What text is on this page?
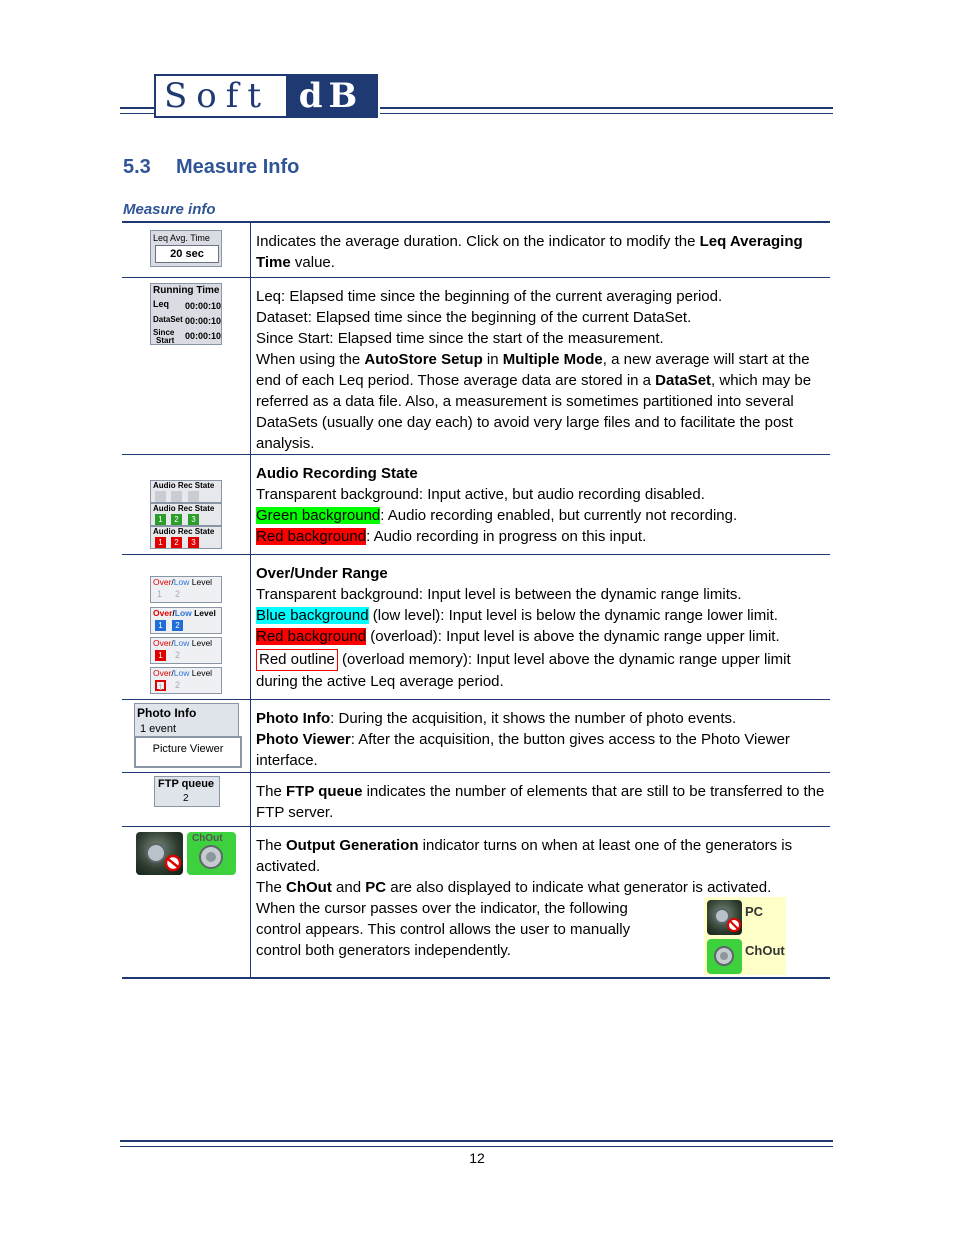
Soft dB
5.3 Measure Info
Measure info
Leq Avg. Time
20 sec
Indicates the average duration. Click on the indicator to modify the Leq Averaging Time value.
Running Time
Leq 00:00:10
DataSet 00:00:10
Since
Start 00:00:10
Leq: Elapsed time since the beginning of the current averaging period.
Dataset: Elapsed time since the beginning of the current DataSet.
Since Start: Elapsed time since the start of the measurement.
When using the AutoStore Setup in Multiple Mode, a new average will start at the end of each Leq period. Those average data are stored in a DataSet, which may be referred as a data file. Also, a measurement is sometimes partitioned into several DataSets (usually one day each) to avoid very large files and to facilitate the post analysis.
Audio Rec State
Audio Rec State
1	2	3
Audio Rec State
1	2	3
Audio Recording State
Transparent background: Input active, but audio recording disabled.
Green background: Audio recording enabled, but currently not recording.
Red background: Audio recording in progress on this input.
Over/Low Level
1 2
Over/Low Level
1	2
Over/Low Level
1	2
Over/Low Level
1	2
Over/Under Range
Transparent background: Input level is between the dynamic range limits.
Blue background (low level): Input level is below the dynamic range lower limit.
Red background (overload): Input level is above the dynamic range upper limit.
Red outline (overload memory): Input level above the dynamic range upper limit during the active Leq average period.
Photo Info
1 event
Picture Viewer
Photo Info: During the acquisition, it shows the number of photo events.
Photo Viewer: After the acquisition, the button gives access to the Photo Viewer interface.
FTP queue
2	The FTP queue indicates the number of elements that are still to be transferred to the FTP server.
ChOut The Output Generation indicator turns on when at least one of the generators is activated.
The ChOut and PC are also displayed to indicate what generator is activated.
When the cursor passes over the indicator, the following control appears. This control allows the user to manually control both generators independently.
PC
ChOut
12
